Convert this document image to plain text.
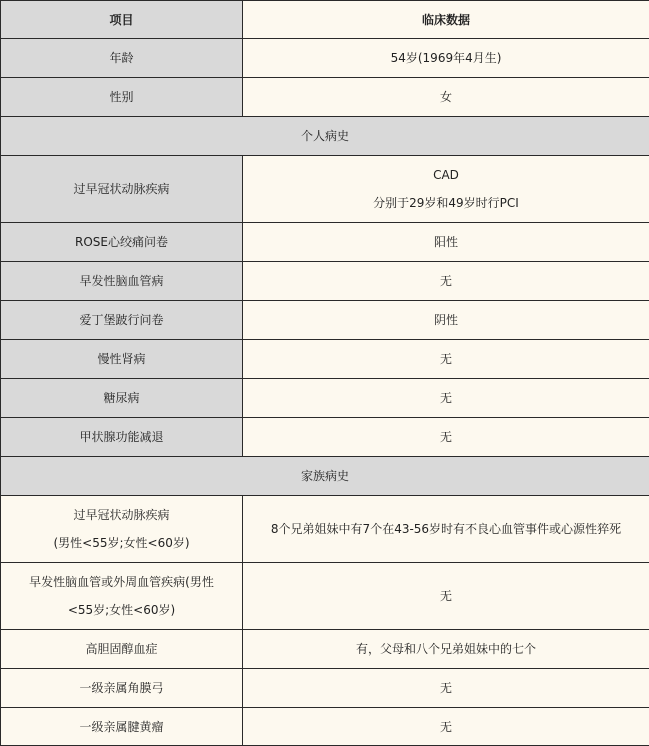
项目	临床数据
年龄	54岁(1969年4月生)
性别	女
个人病史	
过早冠状动脉疾病	CAD
分别于29岁和49岁时行PCI

ROSE心绞痛问卷	阳性
早发性脑血管病	无
爱丁堡跛行问卷	阴性
慢性肾病	无
糖尿病	无
甲状腺功能减退	无
家族病史	

过早冠状动脉疾病
(男性<55岁;女性<60岁)	8个兄弟姐妹中有7个在43-56岁时有不良心血管事件或心源性猝死

早发性脑血管或外周血管疾病(男性
<55岁;女性<60岁)	无
高胆固醇血症	有，父母和八个兄弟姐妹中的七个
一级亲属角膜弓	无
一级亲属腱黄瘤	无
